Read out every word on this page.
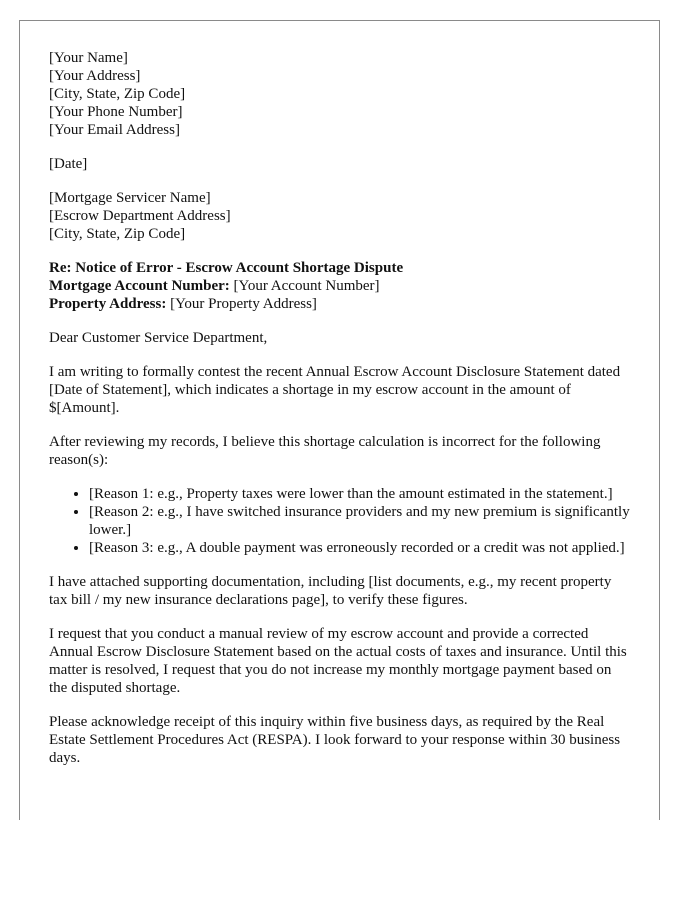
[Your Name]
[Your Address]
[City, State, Zip Code]
[Your Phone Number]
[Your Email Address]
[Date]
[Mortgage Servicer Name]
[Escrow Department Address]
[City, State, Zip Code]
Re: Notice of Error - Escrow Account Shortage Dispute
Mortgage Account Number: [Your Account Number]
Property Address: [Your Property Address]

Dear Customer Service Department,

I am writing to formally contest the recent Annual Escrow Account Disclosure Statement dated [Date of Statement], which indicates a shortage in my escrow account in the amount of $[Amount].

After reviewing my records, I believe this shortage calculation is incorrect for the following reason(s):

• [Reason 1: e.g., Property taxes were lower than the amount estimated in the statement.]
• [Reason 2: e.g., I have switched insurance providers and my new premium is significantly lower.]
• [Reason 3: e.g., A double payment was erroneously recorded or a credit was not applied.]

I have attached supporting documentation, including [list documents, e.g., my recent property tax bill / my new insurance declarations page], to verify these figures.

I request that you conduct a manual review of my escrow account and provide a corrected Annual Escrow Disclosure Statement based on the actual costs of taxes and insurance. Until this matter is resolved, I request that you do not increase my monthly mortgage payment based on the disputed shortage.

Please acknowledge receipt of this inquiry within five business days, as required by the Real Estate Settlement Procedures Act (RESPA). I look forward to your response within 30 business days.
